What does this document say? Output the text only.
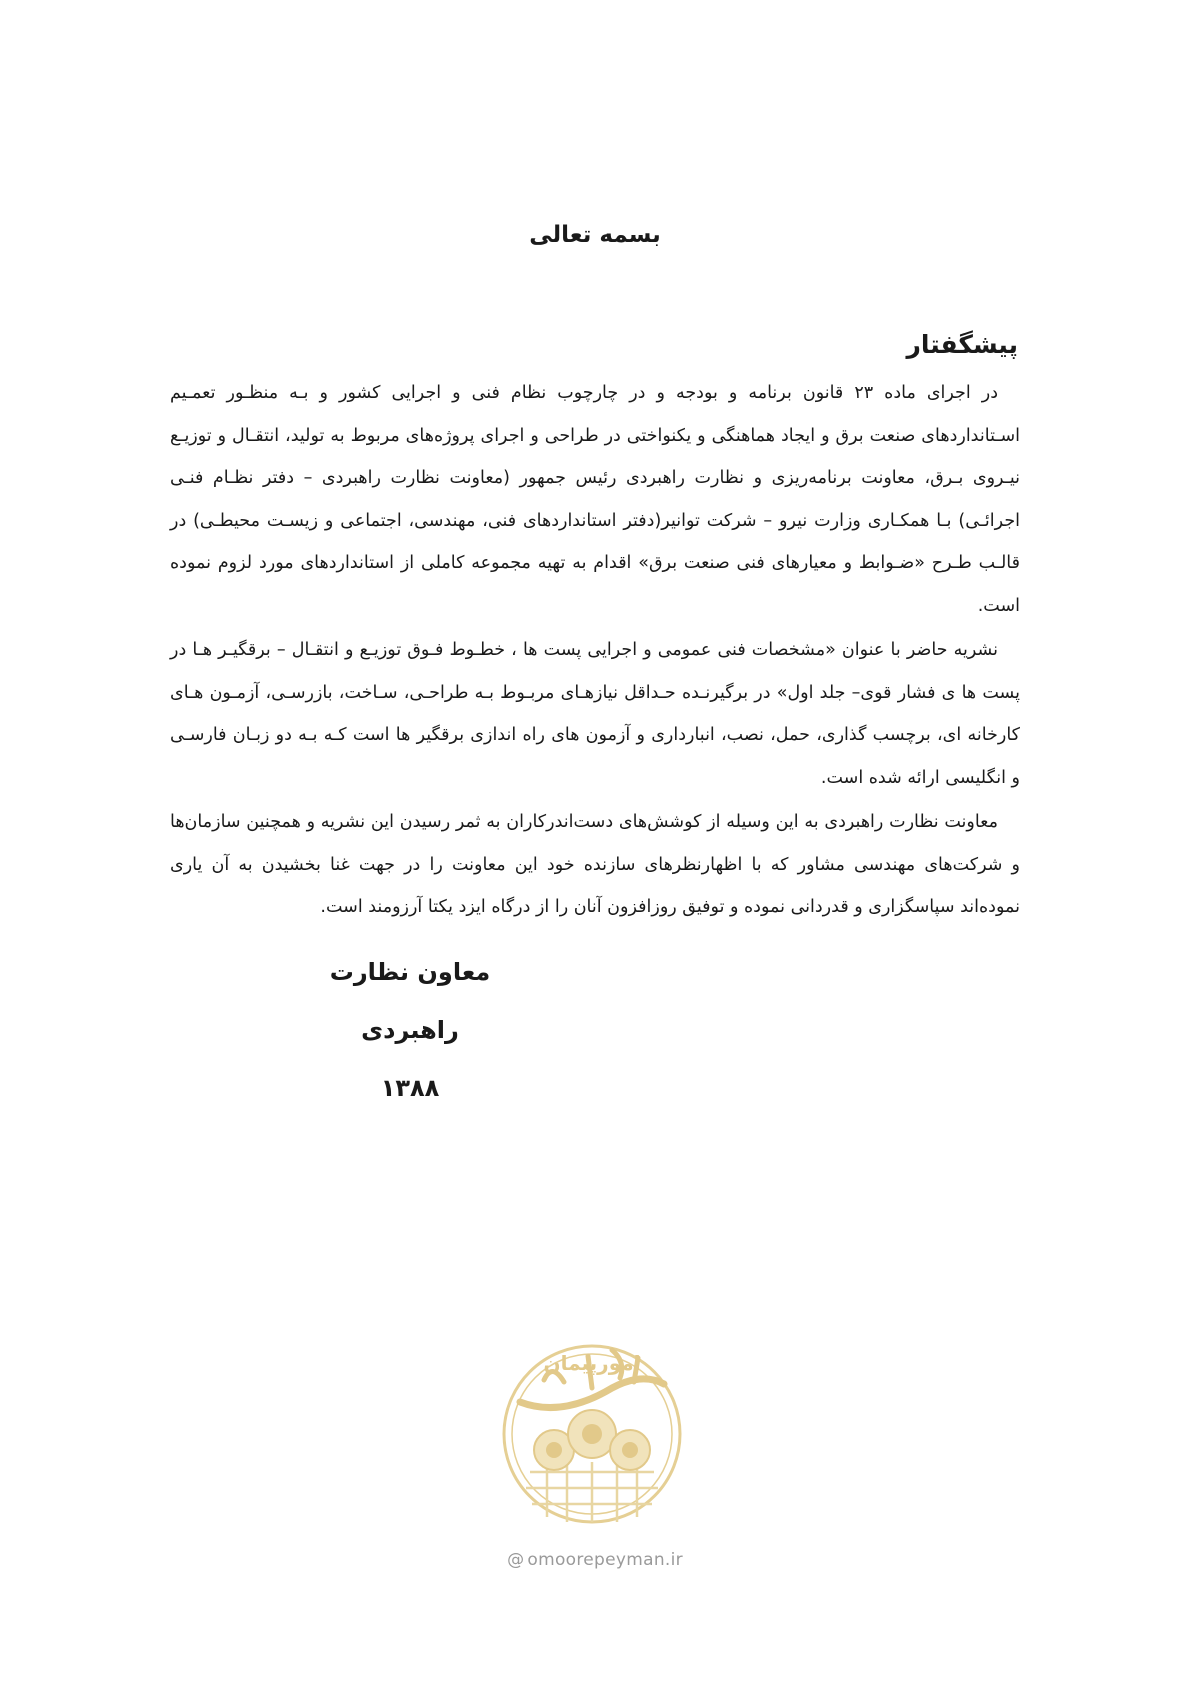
بسمه تعالی
پیشگفتار

در اجرای ماده ۲۳ قانون برنامه و بودجه و در چارچوب نظام فنی و اجرایی کشور و بـه منظـور تعمـیم اسـتانداردهای صنعت برق و ایجاد هماهنگی و یکنواختی در طراحی و اجرای پروژه‌های مربوط به تولید، انتقـال و توزیـع نیـروی بـرق، معاونت برنامه‌ریزی و نظارت راهبردی رئیس جمهور (معاونت نظارت راهبردی – دفتر نظـام فنـی اجرائـی) بـا همکـاری وزارت نیرو – شرکت توانیر(دفتر استانداردهای فنی، مهندسی، اجتماعی و زیسـت محیطـی) در قالـب طـرح «ضـوابط و معیارهای فنی صنعت برق» اقدام به تهیه مجموعه کاملی از استانداردهای مورد لزوم نموده است.

نشریه حاضر با عنوان «مشخصات فنی عمومی و اجرایی پست ها ، خطـوط فـوق توزیـع و انتقـال – برقگیـر هـا در پست ها ی فشار قوی– جلد اول» در برگیرنـده حـداقل نیازهـای مربـوط بـه طراحـی، سـاخت، بازرسـی، آزمـون هـای کارخانه ای، برچسب گذاری، حمل، نصب، انبارداری و آزمون های راه اندازی برقگیر ها است کـه بـه دو زبـان فارسـی و انگلیسی ارائه شده است.

معاونت نظارت راهبردی به این وسیله از کوشش‌های دست‌اندرکاران به ثمر رسیدن این نشریه و همچنین سازمان‌ها و شرکت‌های مهندسی مشاور که با اظهارنظرهای سازنده خود این معاونت را در جهت غنا بخشیدن به آن یاری نموده‌اند سپاسگزاری و قدردانی نموده و توفیق روزافزون آنان را از درگاه ایزد یکتا آرزومند است.

معاون نظارت راهبردی
۱۳۸۸
امورپیمان
@ omoorepeyman.ir
